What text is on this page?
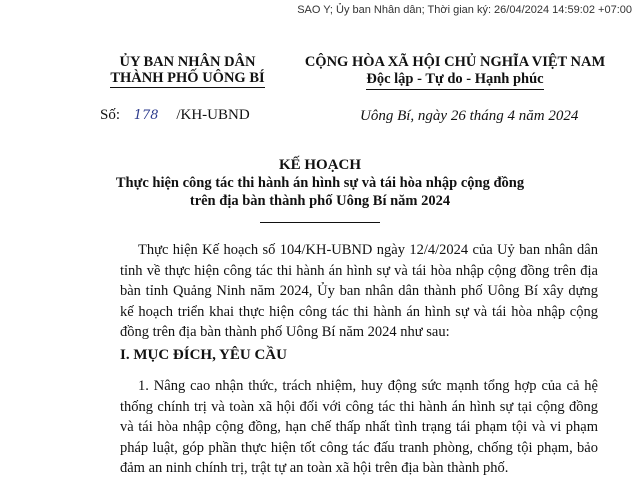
SAO Y; Ủy ban Nhân dân; Thời gian ký: 26/04/2024 14:59:02 +07:00
ỦY BAN NHÂN DÂN
THÀNH PHỐ UÔNG BÍ
CỘNG HÒA XÃ HỘI CHỦ NGHĨA VIỆT NAM
Độc lập - Tự do - Hạnh phúc
Số: 178 /KH-UBND	Uông Bí, ngày 26 tháng 4 năm 2024
KẾ HOẠCH
Thực hiện công tác thi hành án hình sự và tái hòa nhập cộng đồng
trên địa bàn thành phố Uông Bí năm 2024
Thực hiện Kế hoạch số 104/KH-UBND ngày 12/4/2024 của Uỷ ban nhân dân tỉnh về thực hiện công tác thi hành án hình sự và tái hòa nhập cộng đồng trên địa bàn tỉnh Quảng Ninh năm 2024, Ủy ban nhân dân thành phố Uông Bí xây dựng kế hoạch triển khai thực hiện công tác thi hành án hình sự và tái hòa nhập cộng đồng trên địa bàn thành phố Uông Bí năm 2024 như sau:
I. MỤC ĐÍCH, YÊU CẦU
1. Nâng cao nhận thức, trách nhiệm, huy động sức mạnh tổng hợp của cả hệ thống chính trị và toàn xã hội đối với công tác thi hành án hình sự tại cộng đồng và tái hòa nhập cộng đồng, hạn chế thấp nhất tình trạng tái phạm tội và vi phạm pháp luật, góp phần thực hiện tốt công tác đấu tranh phòng, chống tội phạm, bảo đảm an ninh chính trị, trật tự an toàn xã hội trên địa bàn thành phố.
